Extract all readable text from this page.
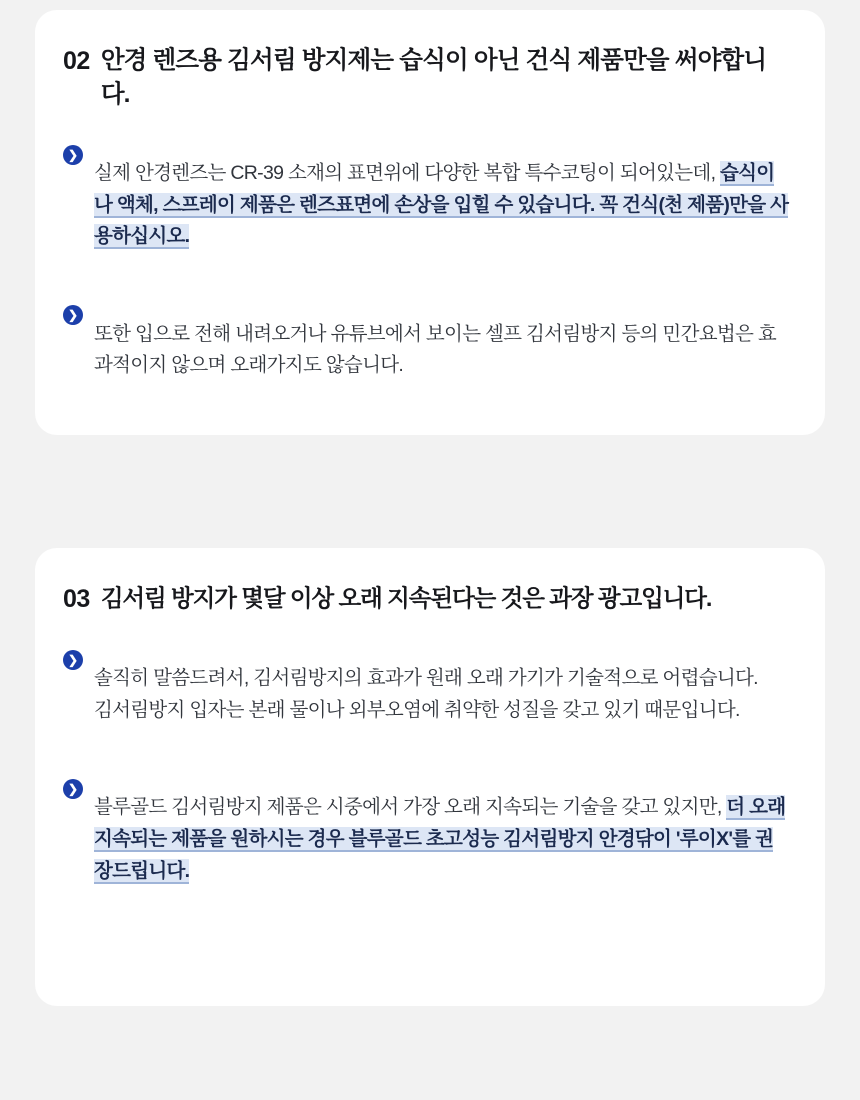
02 안경 렌즈용 김서림 방지제는 습식이 아닌 건식 제품만을 써야합니다.
❯

실제 안경렌즈는 CR-39 소재의 표면위에 다양한 복합 특수코팅이 되어있는데, 습식이나 액체, 스프레이 제품은 렌즈표면에 손상을 입힐 수 있습니다. 꼭 건식(천 제품)만을 사용하십시오.

❯

또한 입으로 전해 내려오거나 유튜브에서 보이는 셀프 김서림방지 등의 민간요법은 효과적이지 않으며 오래가지도 않습니다.

03 김서림 방지가 몇달 이상 오래 지속된다는 것은 과장 광고입니다.
❯

솔직히 말씀드려서, 김서림방지의 효과가 원래 오래 가기가 기술적으로 어렵습니다.
김서림방지 입자는 본래 물이나 외부오염에 취약한 성질을 갖고 있기 때문입니다.

❯

블루골드 김서림방지 제품은 시중에서 가장 오래 지속되는 기술을 갖고 있지만, 더 오래 지속되는 제품을 원하시는 경우 블루골드 초고성능 김서림방지 안경닦이 '루이X'를 권장드립니다.
